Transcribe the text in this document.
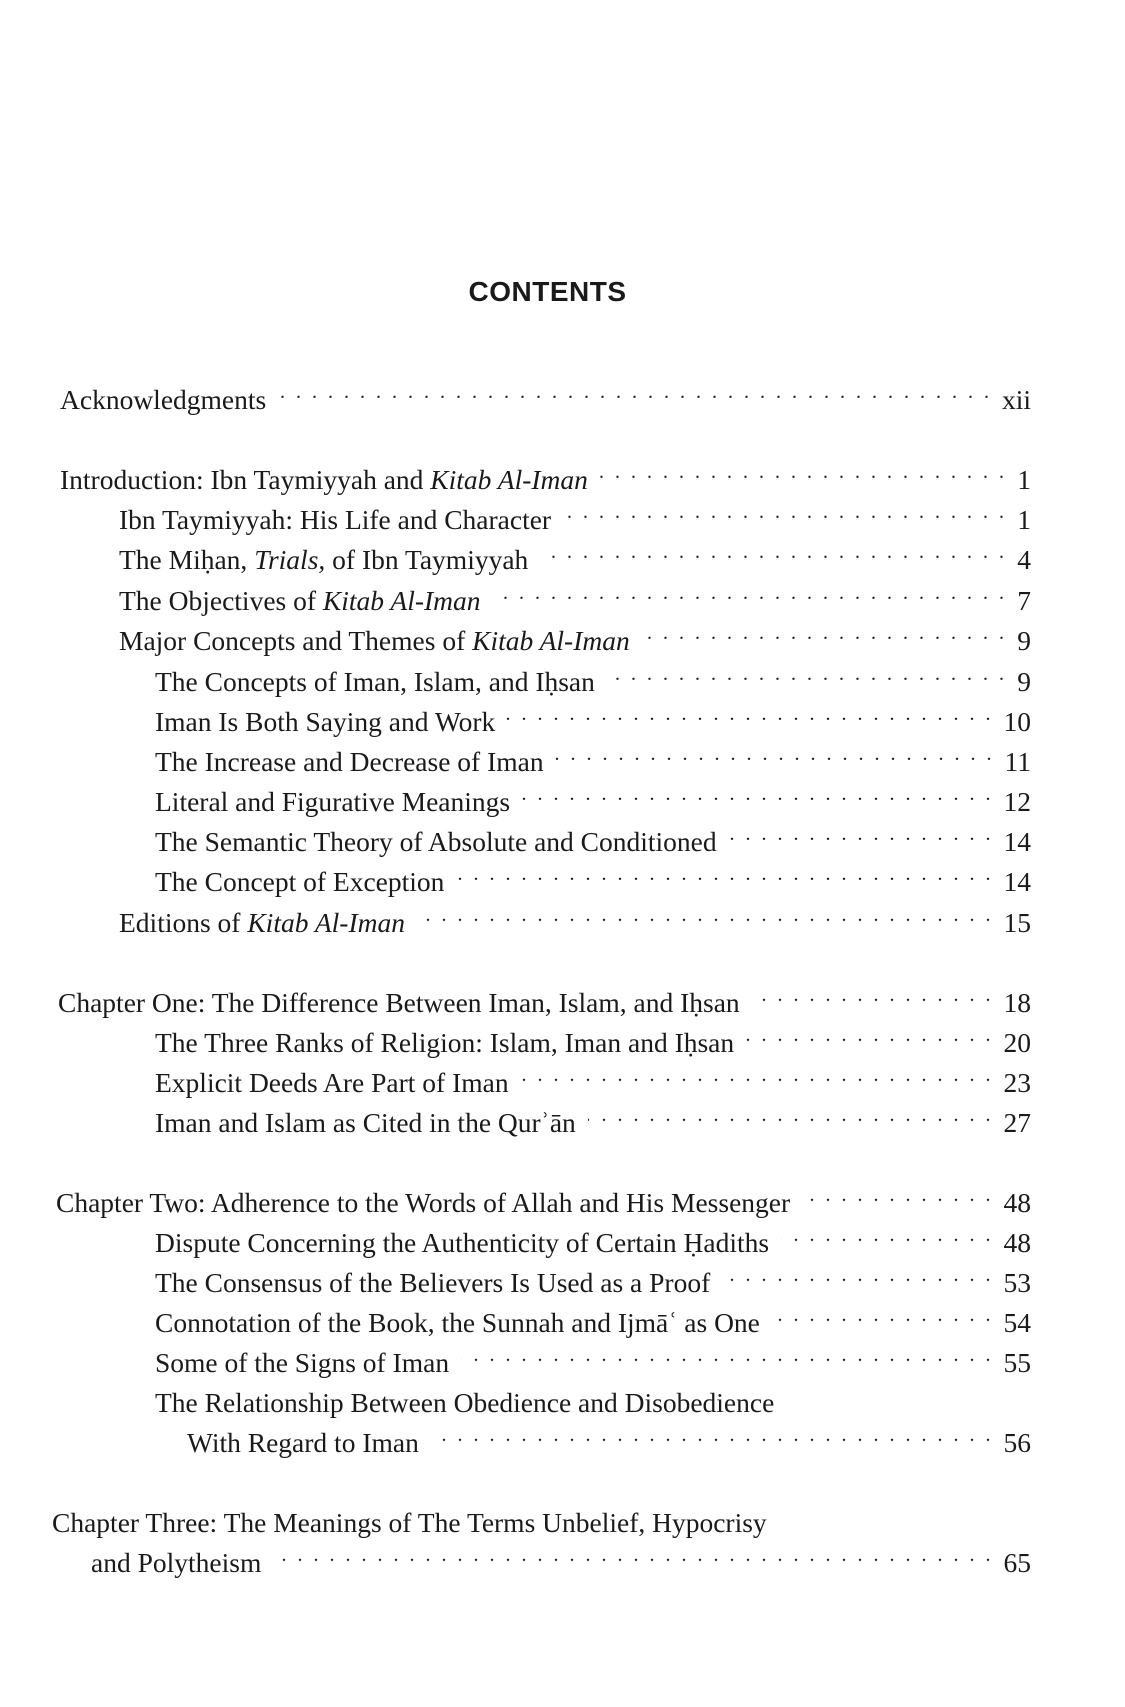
CONTENTS
Acknowledgments . . .	xii
Introduction: Ibn Taymiyyah and Kitab Al-Iman . . .	1
Ibn Taymiyyah: His Life and Character . . .	1
The Miḥan, Trials, of Ibn Taymiyyah . . .	4
The Objectives of Kitab Al-Iman . . .	7
Major Concepts and Themes of Kitab Al-Iman . . .	9
The Concepts of Iman, Islam, and Iḥsan . . .	9
Iman Is Both Saying and Work . . .	10
The Increase and Decrease of Iman . . .	11
Literal and Figurative Meanings . . .	12
The Semantic Theory of Absolute and Conditioned . . .	14
The Concept of Exception . . .	14
Editions of Kitab Al-Iman . . .	15
Chapter One: The Difference Between Iman, Islam, and Iḥsan . . .	18
The Three Ranks of Religion: Islam, Iman and Iḥsan . . .	20
Explicit Deeds Are Part of Iman . . .	23
Iman and Islam as Cited in the Qurʾān . . .	27
Chapter Two: Adherence to the Words of Allah and His Messenger . . .	48
Dispute Concerning the Authenticity of Certain Ḥadiths . . .	48
The Consensus of the Believers Is Used as a Proof . . .	53
Connotation of the Book, the Sunnah and Ijmāʿ as One . . .	54
Some of the Signs of Iman . . .	55
The Relationship Between Obedience and Disobedience
With Regard to Iman . . .	56
Chapter Three: The Meanings of The Terms Unbelief, Hypocrisy
and Polytheism . . .	65
